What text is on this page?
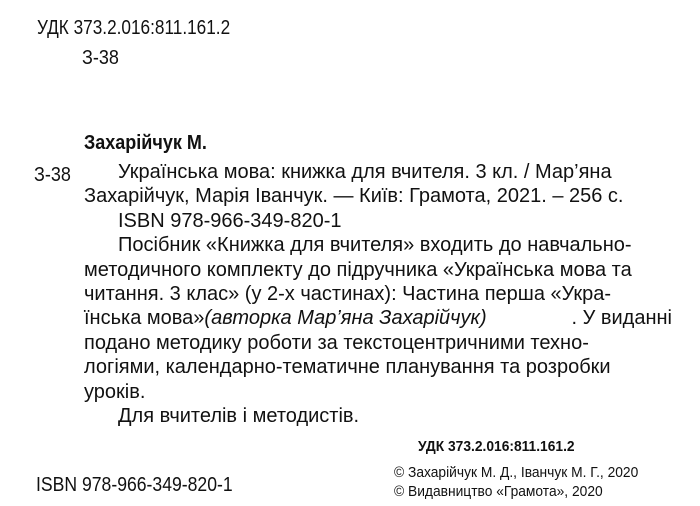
УДК 373.2.016:811.161.2
З-38
Захарійчук М.
З-38 Українська мова: книжка для вчителя. 3 кл. / Мар’яна
Захарійчук, Марія Іванчук. — Київ: Грамота, 2021. – 256 с.
ISBN 978-966-349-820-1
Посібник «Книжка для вчителя» входить до навчально-
методичного комплекту до підручника «Українська мова та
читання. 3 клас» (у 2-х частинах): Частина перша «Укра-
їнська мова» (авторка Мар’яна Захарійчук)	. У виданні
подано методику роботи за текстоцентричними техно-
логіями, календарно-тематичне планування та розробки
уроків.
Для вчителів і методистів.
УДК 373.2.016:811.161.2
ISBN 978-966-349-820-1
© Захарійчук М. Д., Іванчук М. Г., 2020
© Видавництво «Грамота», 2020
